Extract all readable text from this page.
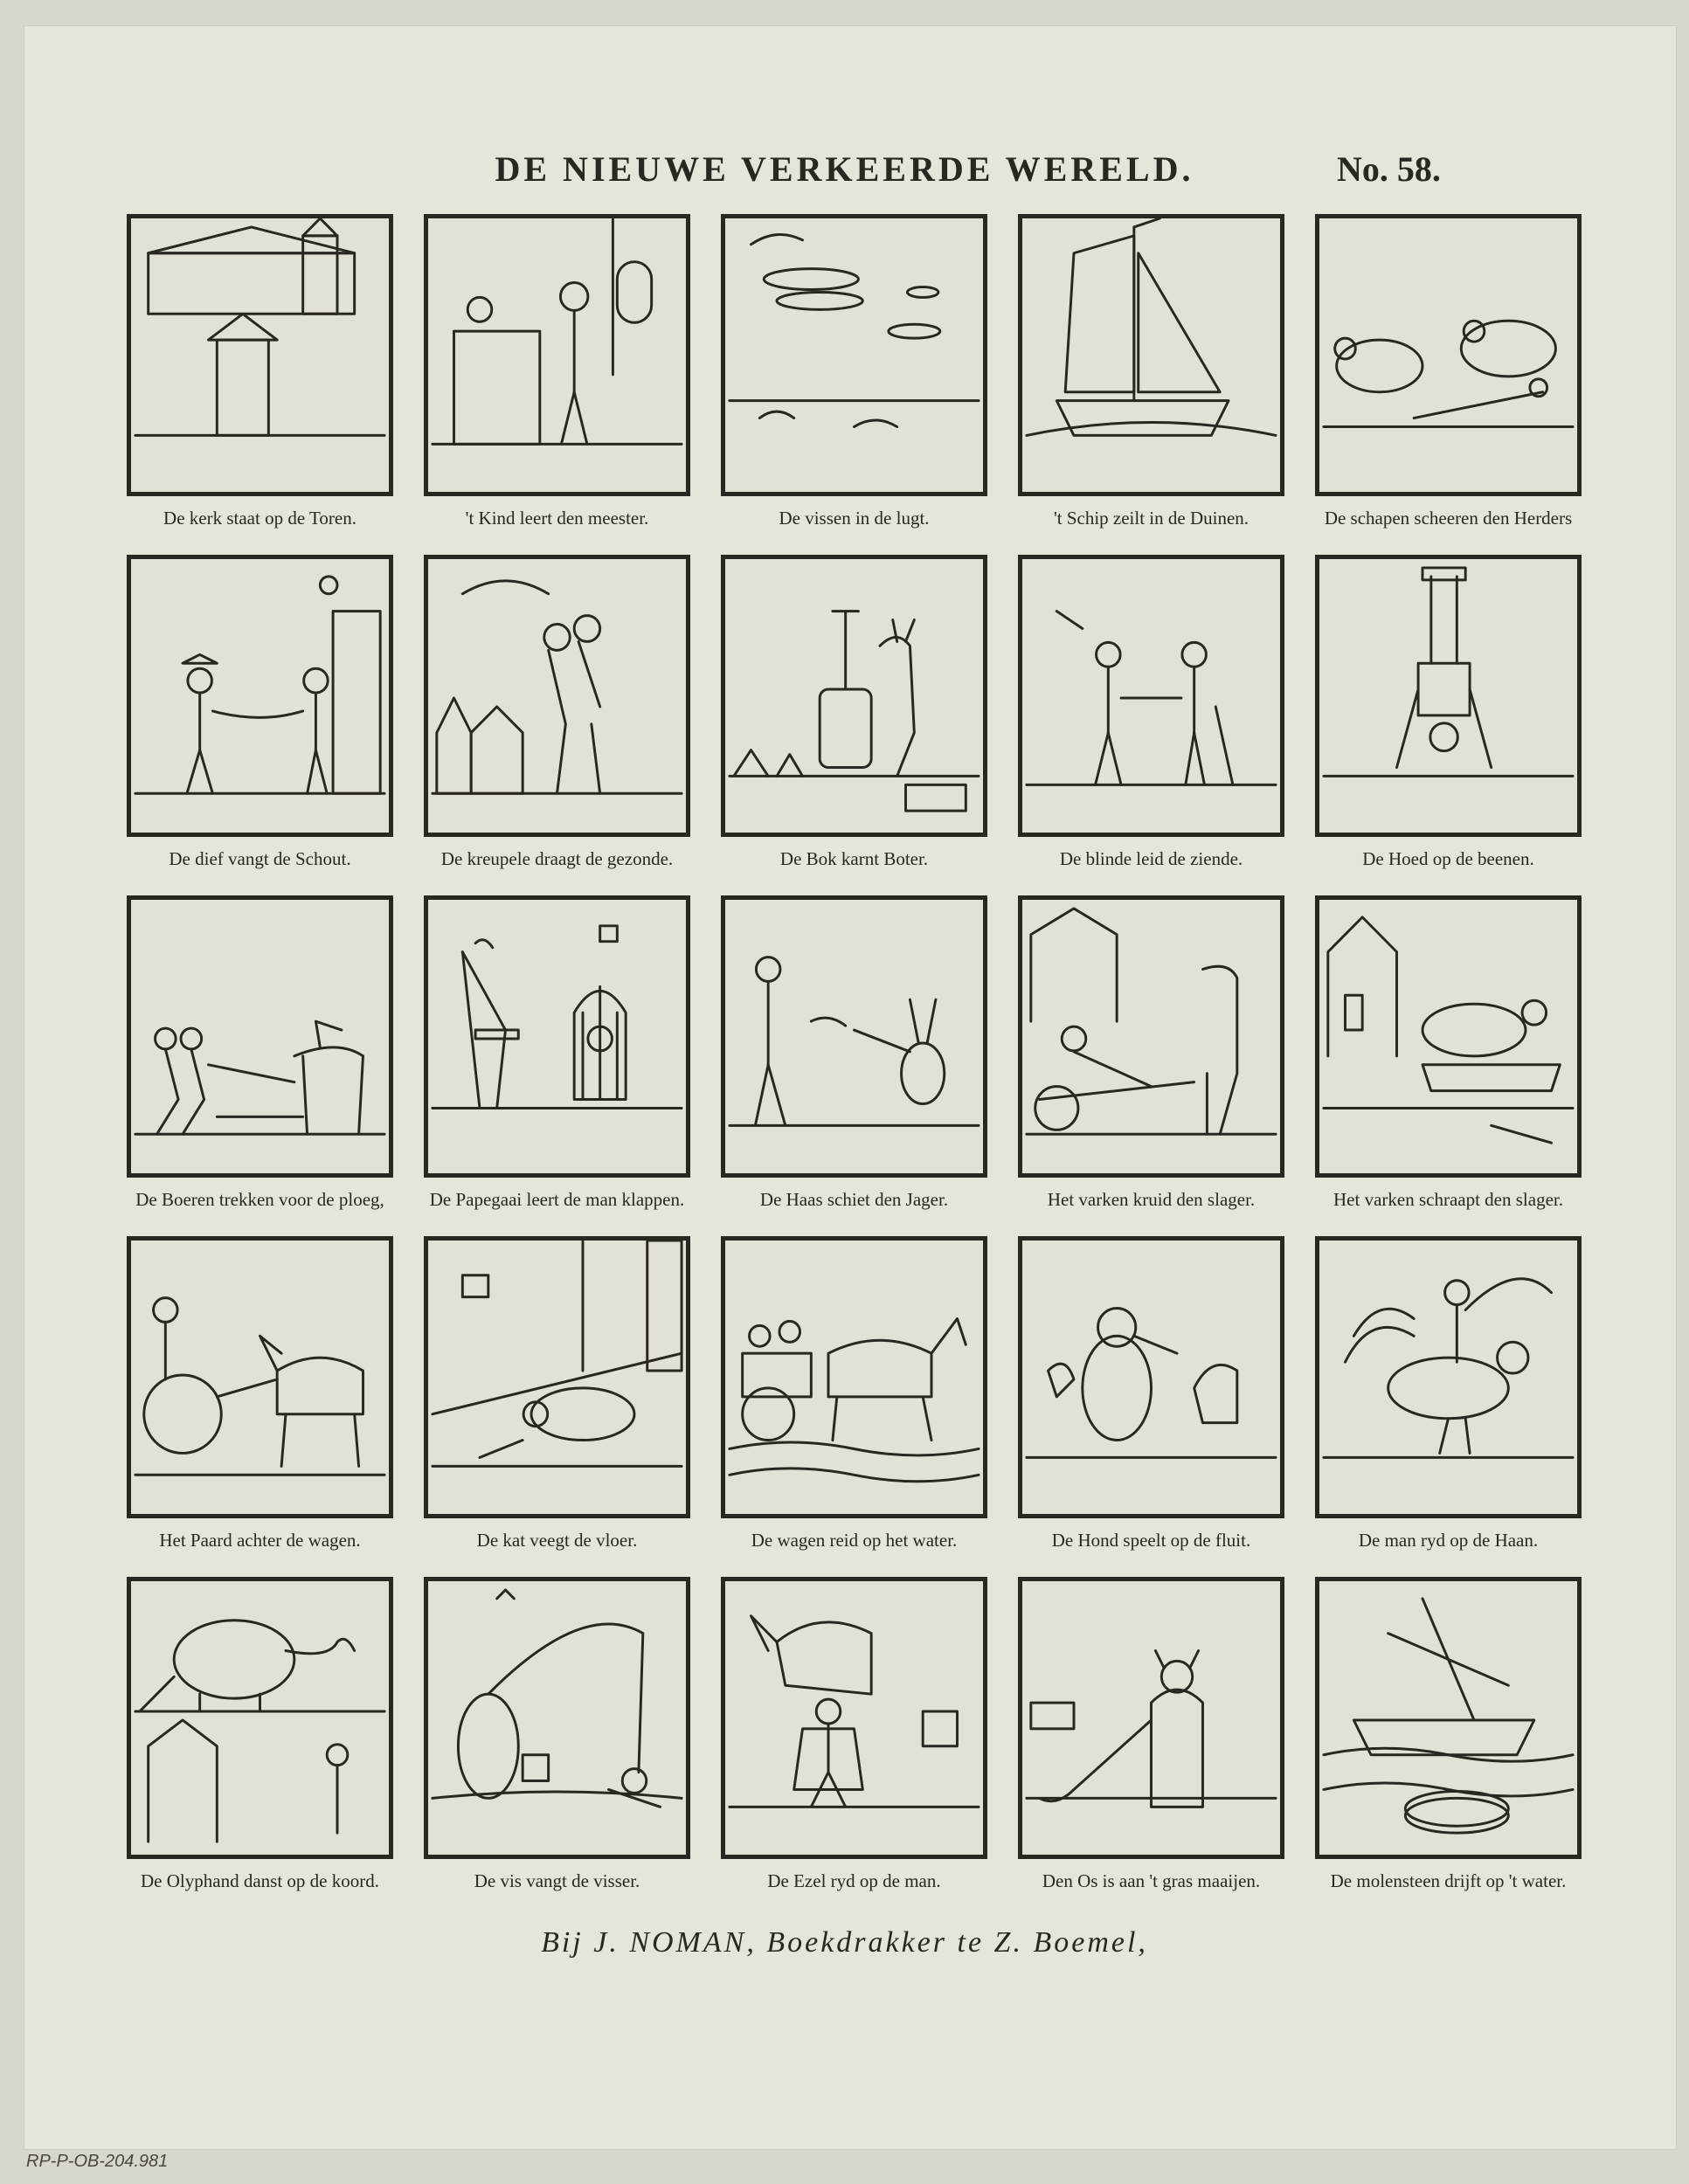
DE NIEUWE VERKEERDE WERELD.	No. 58.
De kerk staat op de Toren.	't Kind leert den meester.	De vissen in de lugt.	't Schip zeilt in de Duinen.	De schapen scheeren den Herders
De dief vangt de Schout.	De kreupele draagt de gezonde.	De Bok karnt Boter.	De blinde leid de ziende.	De Hoed op de beenen.
De Boeren trekken voor de ploeg,	De Papegaai leert de man klappen.	De Haas schiet den Jager.	Het varken kruid den slager.	Het varken schraapt den slager.
Het Paard achter de wagen.	De kat veegt de vloer.	De wagen reid op het water.	De Hond speelt op de fluit.	De man ryd op de Haan.
De Olyphand danst op de koord.	De vis vangt de visser.	De Ezel ryd op de man.	Den Os is aan 't gras maaijen.	De molensteen drijft op 't water.
Bij J. NOMAN, Boekdrakker te Z. Boemel,
RP-P-OB-204.981
